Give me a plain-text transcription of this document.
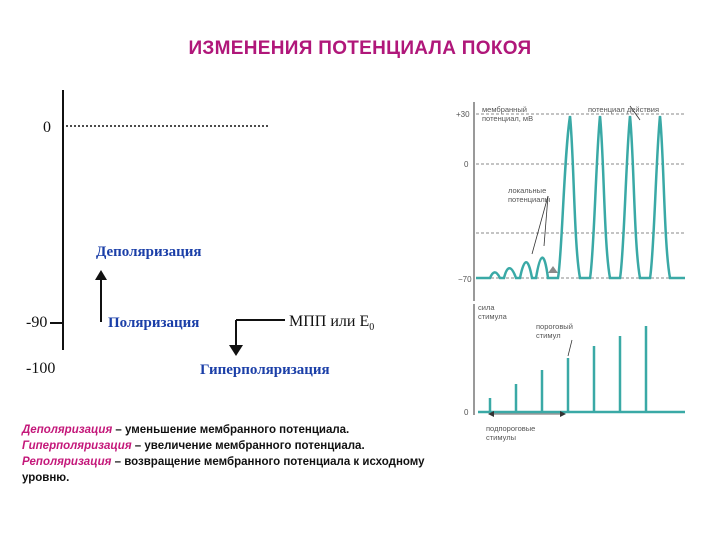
ИЗМЕНЕНИЯ ПОТЕНЦИАЛА ПОКОЯ
0
-90
-100
Деполяризация
Поляризация	МПП или $E_0$
Гиперполяризация
Деполяризация – уменьшение мембранного потенциала.
Гиперполяризация – увеличение мембранного потенциала.
Реполяризация – возвращение мембранного потенциала к исходному уровню.
+30
0
−70
мембранный потенциал, мВ
потенциал действия
локальные потенциалы
0
сила стимула
пороговый стимул
подпороговые стимулы
